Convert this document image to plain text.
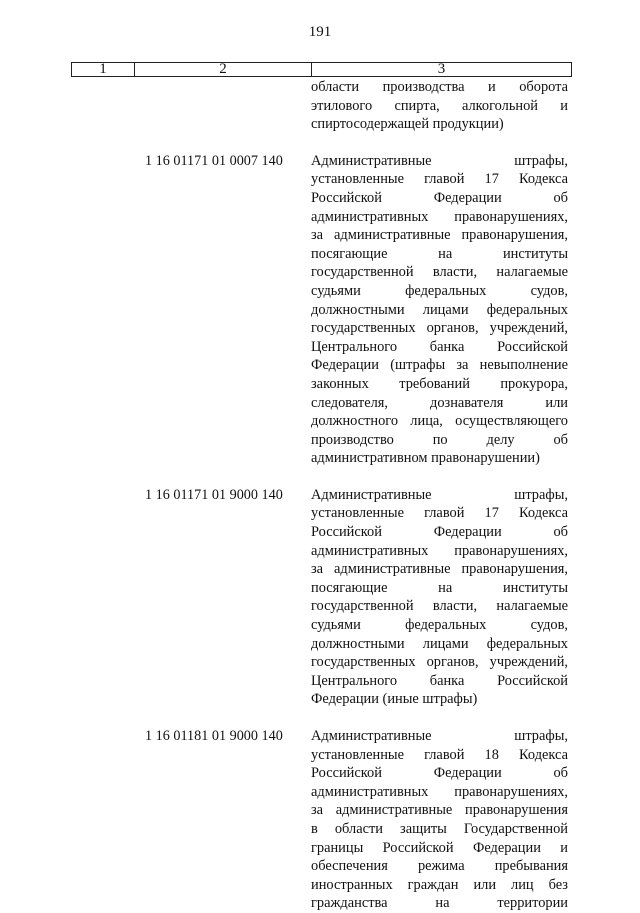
191
1	2	3
области производства и оборота
этилового спирта, алкогольной и
спиртосодержащей продукции)
1 16 01171 01 0007 140	Административные штрафы,
установленные главой 17 Кодекса
Российской Федерации об
административных правонарушениях,
за административные правонарушения,
посягающие на институты
государственной власти, налагаемые
судьями федеральных судов,
должностными лицами федеральных
государственных органов, учреждений,
Центрального банка Российской
Федерации (штрафы за невыполнение
законных требований прокурора,
следователя, дознавателя или
должностного лица, осуществляющего
производство по делу об
административном правонарушении)
1 16 01171 01 9000 140	Административные штрафы,
установленные главой 17 Кодекса
Российской Федерации об
административных правонарушениях,
за административные правонарушения,
посягающие на институты
государственной власти, налагаемые
судьями федеральных судов,
должностными лицами федеральных
государственных органов, учреждений,
Центрального банка Российской
Федерации (иные штрафы)
1 16 01181 01 9000 140	Административные штрафы,
установленные главой 18 Кодекса
Российской Федерации об
административных правонарушениях,
за административные правонарушения
в области защиты Государственной
границы Российской Федерации и
обеспечения режима пребывания
иностранных граждан или лиц без
гражданства на территории
